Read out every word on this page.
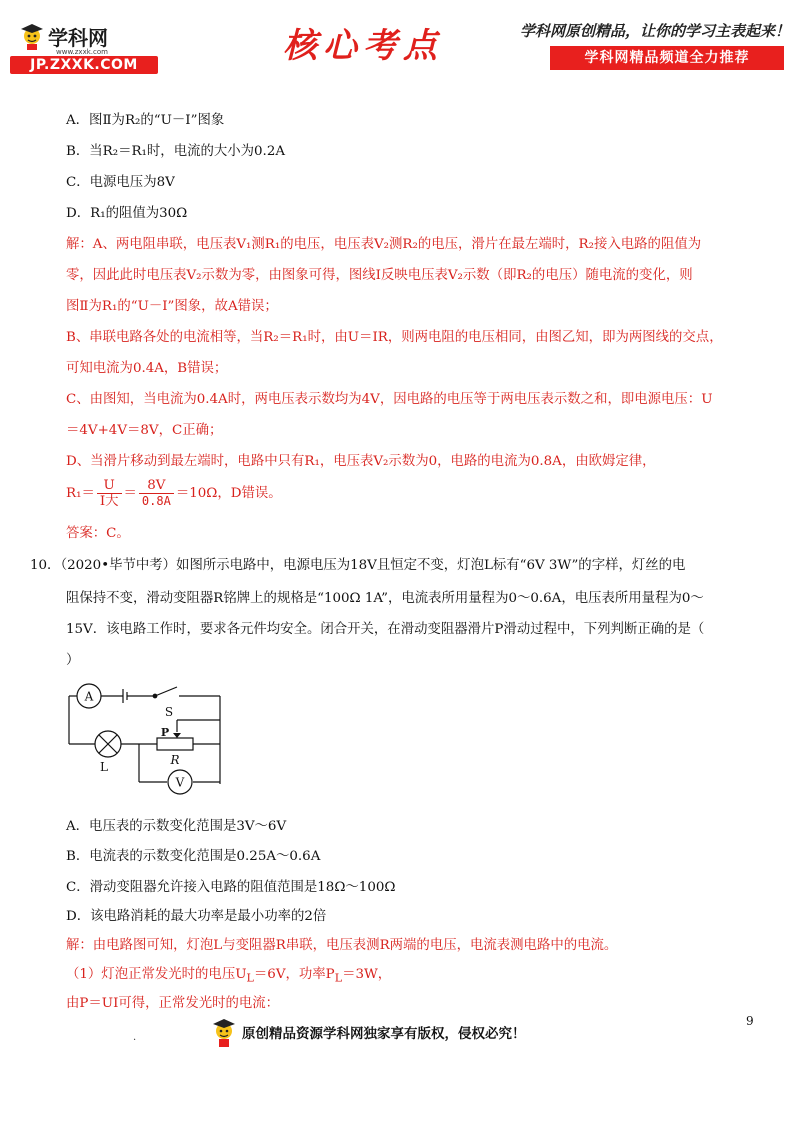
学科网
www.zxxk.com
JP.ZXXK.COM	核心考点	学科网原创精品，让你的学习主表起来！
学科网精品频道全力推荐
A．图Ⅱ为R₂的“U－I”图象
B．当R₂＝R₁时，电流的大小为0.2A
C．电源电压为8V
D．R₁的阻值为30Ω
解：A、两电阻串联，电压表V₁测R₁的电压，电压表V₂测R₂的电压，滑片在最左端时，R₂接入电路的阻值为
零，因此此时电压表V₂示数为零，由图象可得，图线Ⅰ反映电压表V₂示数（即R₂的电压）随电流的变化，则
图Ⅱ为R₁的“U－I”图象，故A错误；
B、串联电路各处的电流相等，当R₂＝R₁时，由U＝IR，则两电阻的电压相同，由图乙知，即为两图线的交点，
可知电流为0.4A，B错误；
C、由图知，当电流为0.4A时，两电压表示数均为4V，因电路的电压等于两电压表示数之和，即电源电压：U
＝4V+4V＝8V，C正确；
D、当滑片移动到最左端时，电路中只有R₁，电压表V₂示数为0，电路的电流为0.8A，由欧姆定律，
$R_1= \frac{U}{\text{I大}} = \frac{8V}{0.8A} =10\Omega$，D错误。
答案：C。
10．（2020•毕节中考）如图所示电路中，电源电压为18V且恒定不变，灯泡L标有“6V 3W”的字样，灯丝的电
阻保持不变，滑动变阻器R铭牌上的规格是“100Ω 1A”，电流表所用量程为0～0.6A，电压表所用量程为0～
15V．该电路工作时，要求各元件均安全。闭合开关，在滑动变阻器滑片P滑动过程中，下列判断正确的是（
）
A
V
S
L
P
R
A．电压表的示数变化范围是3V～6V
B．电流表的示数变化范围是0.25A～0.6A
C．滑动变阻器允许接入电路的阻值范围是18Ω～100Ω
D．该电路消耗的最大功率是最小功率的2倍
解：由电路图可知，灯泡L与变阻器R串联，电压表测R两端的电压，电流表测电路中的电流。
（1）灯泡正常发光时的电压$U_L=6V$，功率$P_L=3W$，
由P＝UI可得，正常发光时的电流：
.	原创精品资源学科网独家享有版权，侵权必究！
9
